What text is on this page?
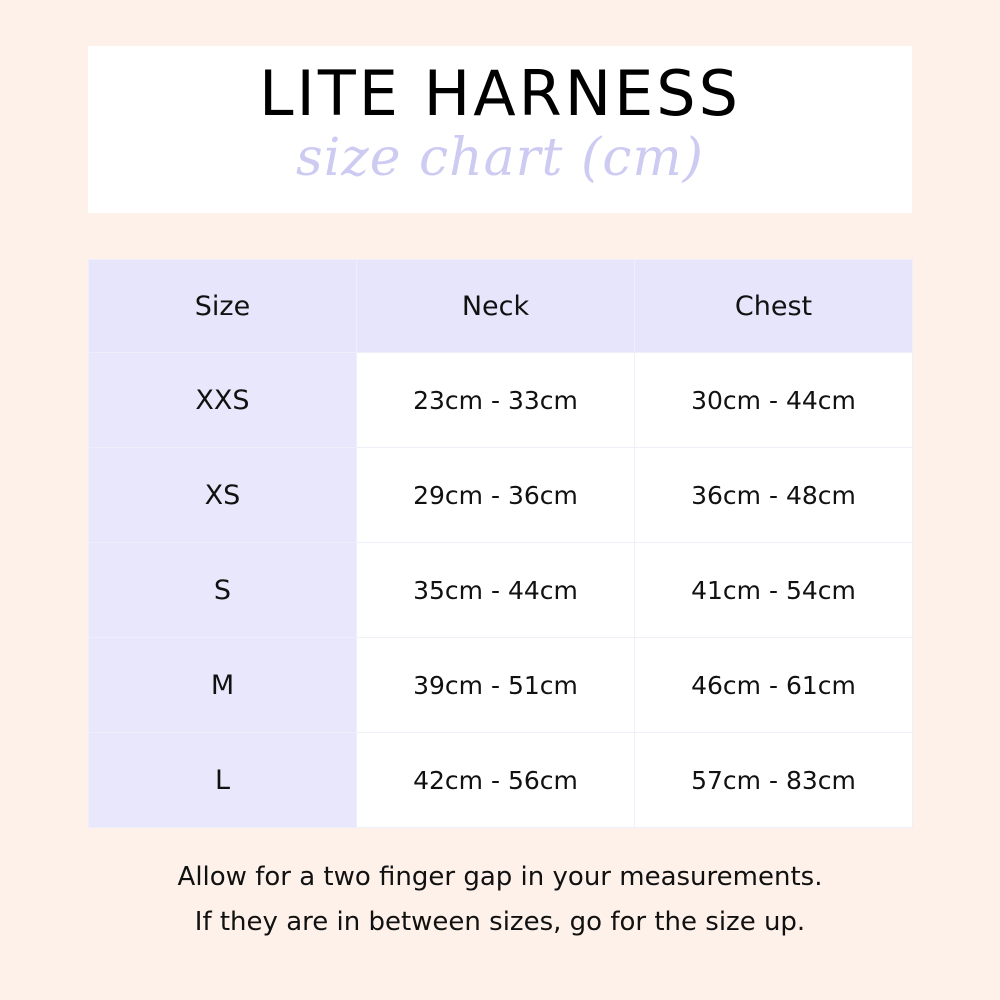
LITE HARNESS
size chart (cm)
Size	Neck	Chest
XXS	23cm - 33cm	30cm - 44cm
XS	29cm - 36cm	36cm - 48cm
S	35cm - 44cm	41cm - 54cm
M	39cm - 51cm	46cm - 61cm
L	42cm - 56cm	57cm - 83cm
Allow for a two finger gap in your measurements.
If they are in between sizes, go for the size up.
